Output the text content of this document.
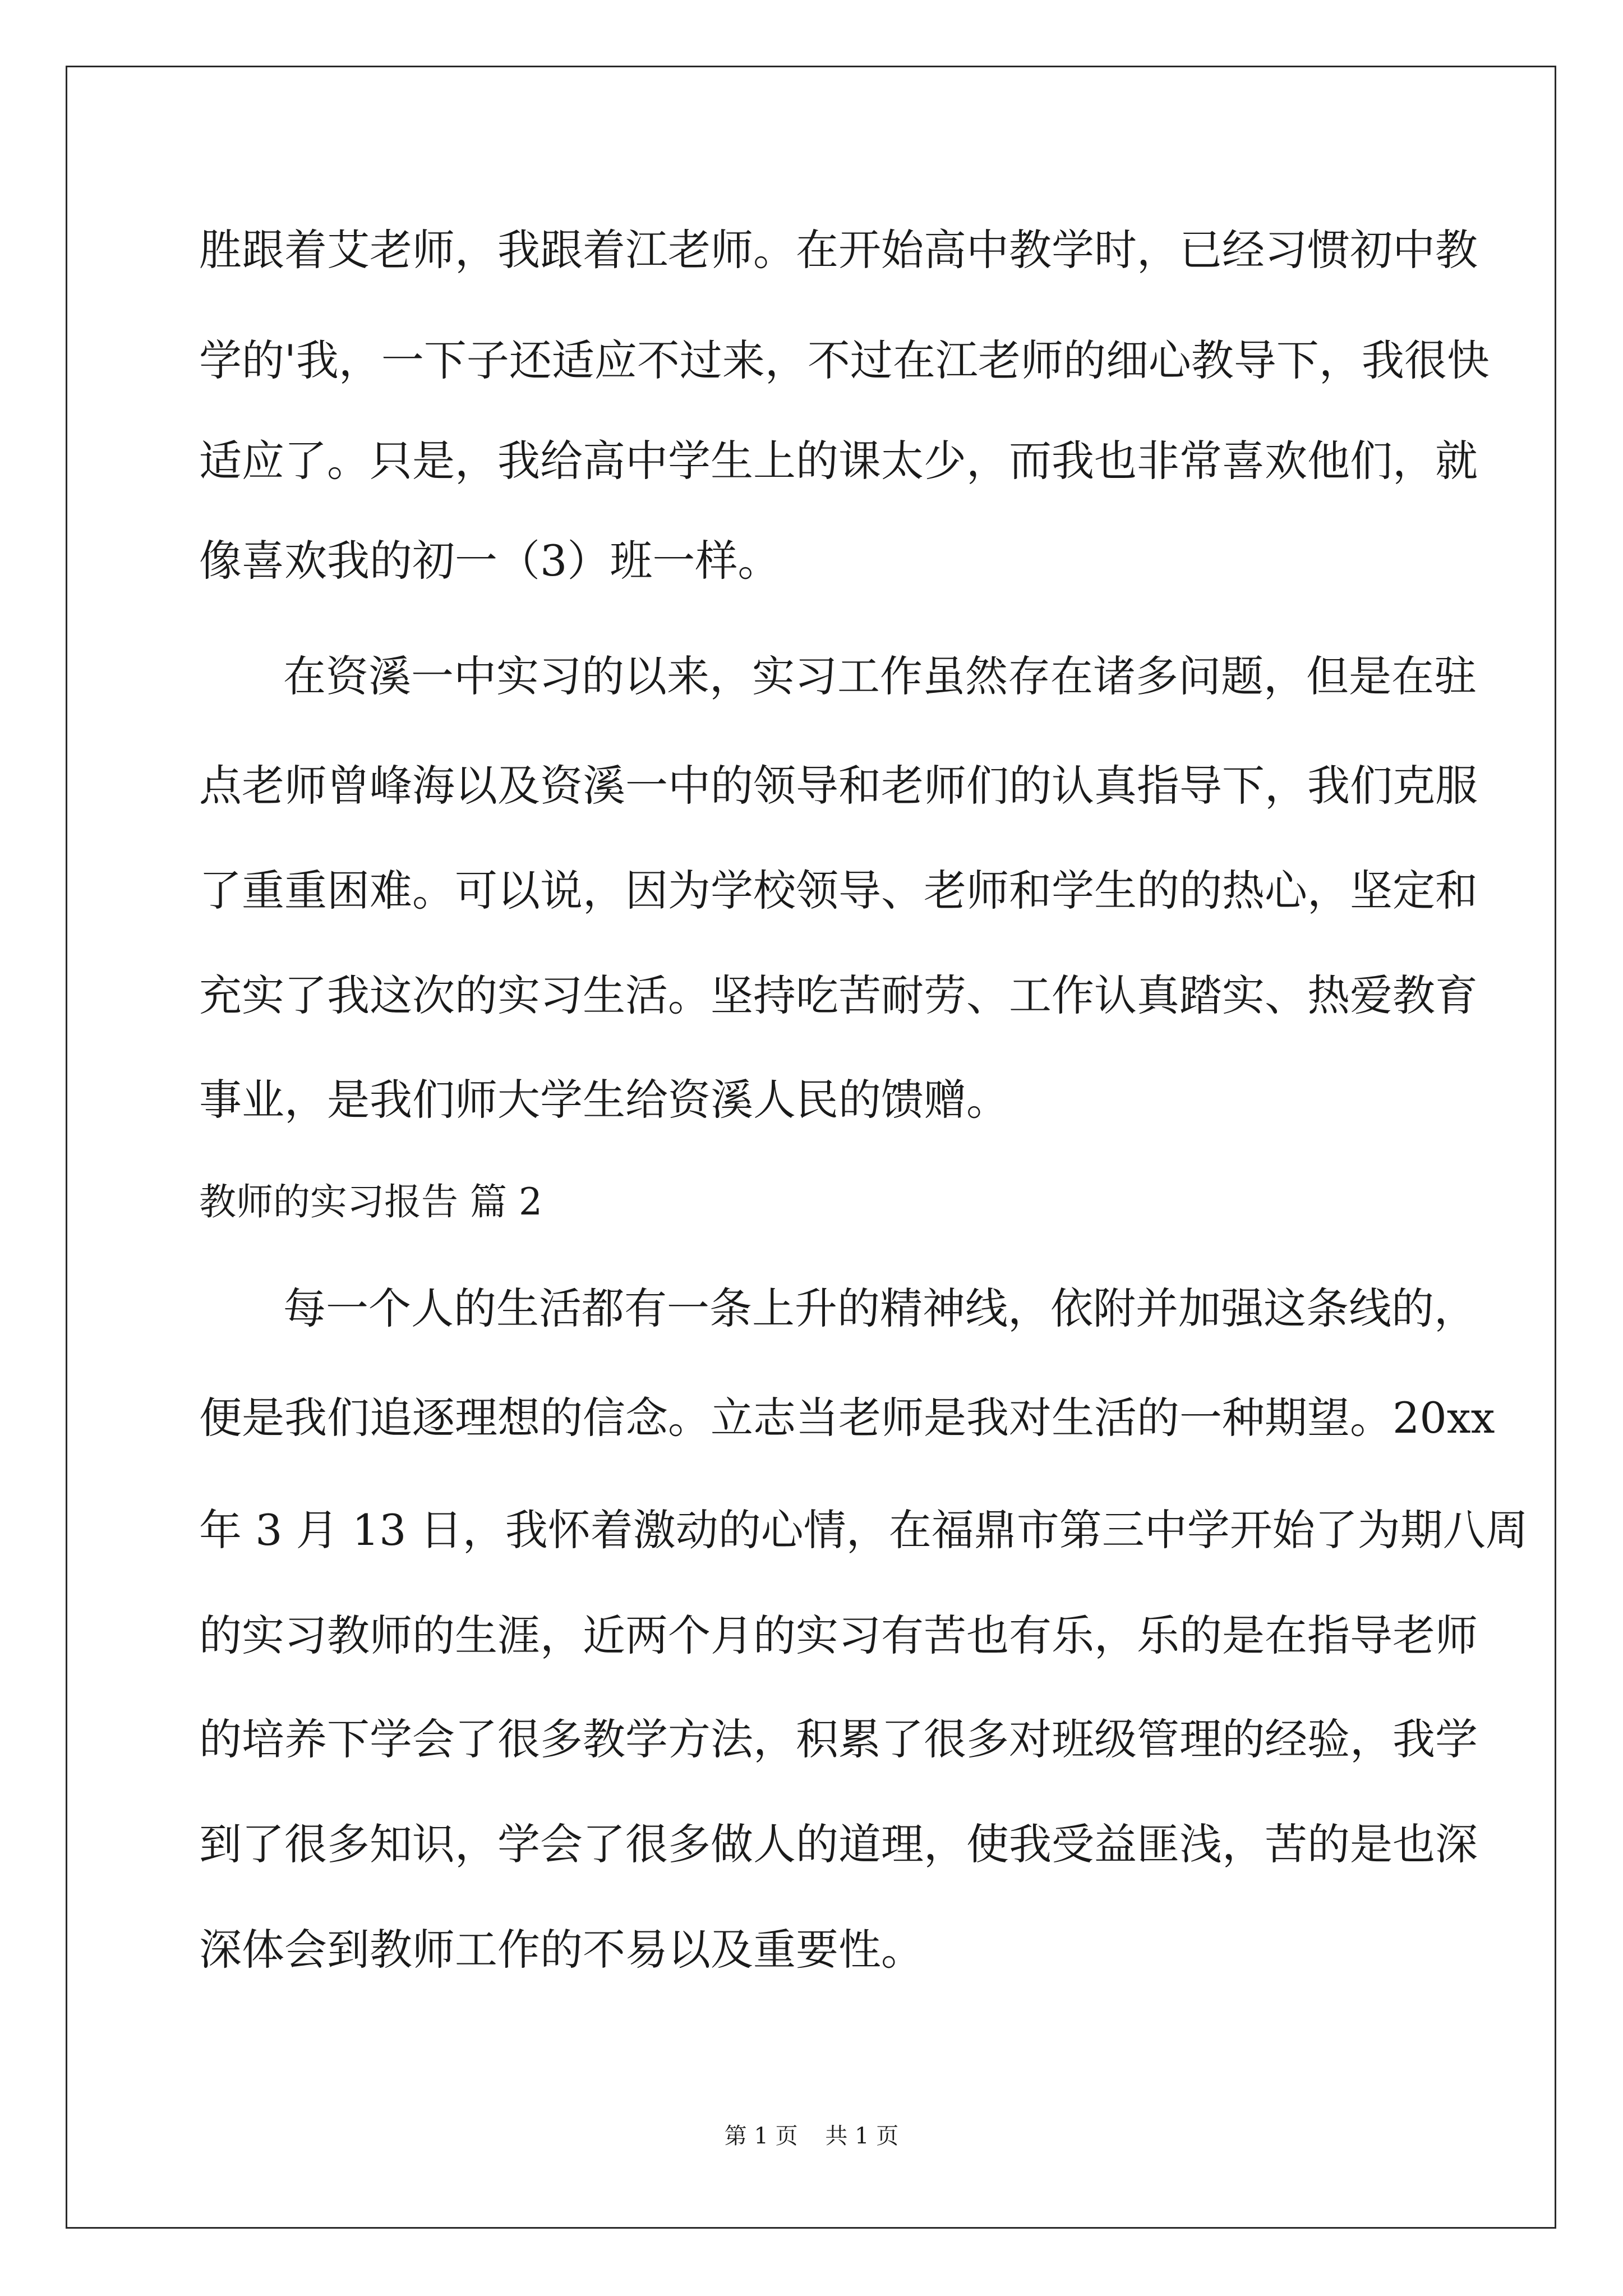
胜跟着艾老师，我跟着江老师。在开始高中教学时，已经习惯初中教
学的'我，一下子还适应不过来，不过在江老师的细心教导下，我很快
适应了。只是，我给高中学生上的课太少，而我也非常喜欢他们，就
像喜欢我的初一（3）班一样。
在资溪一中实习的以来，实习工作虽然存在诸多问题，但是在驻
点老师曾峰海以及资溪一中的领导和老师们的认真指导下，我们克服
了重重困难。可以说，因为学校领导、老师和学生的的热心，坚定和
充实了我这次的实习生活。坚持吃苦耐劳、工作认真踏实、热爱教育
事业，是我们师大学生给资溪人民的馈赠。
教师的实习报告 篇 2
每一个人的生活都有一条上升的精神线，依附并加强这条线的，
便是我们追逐理想的信念。立志当老师是我对生活的一种期望。20xx
年 3 月 13 日，我怀着激动的心情，在福鼎市第三中学开始了为期八周
的实习教师的生涯，近两个月的实习有苦也有乐，乐的是在指导老师
的培养下学会了很多教学方法，积累了很多对班级管理的经验，我学
到了很多知识，学会了很多做人的道理，使我受益匪浅，苦的是也深
深体会到教师工作的不易以及重要性。
第 1 页 共 1 页
